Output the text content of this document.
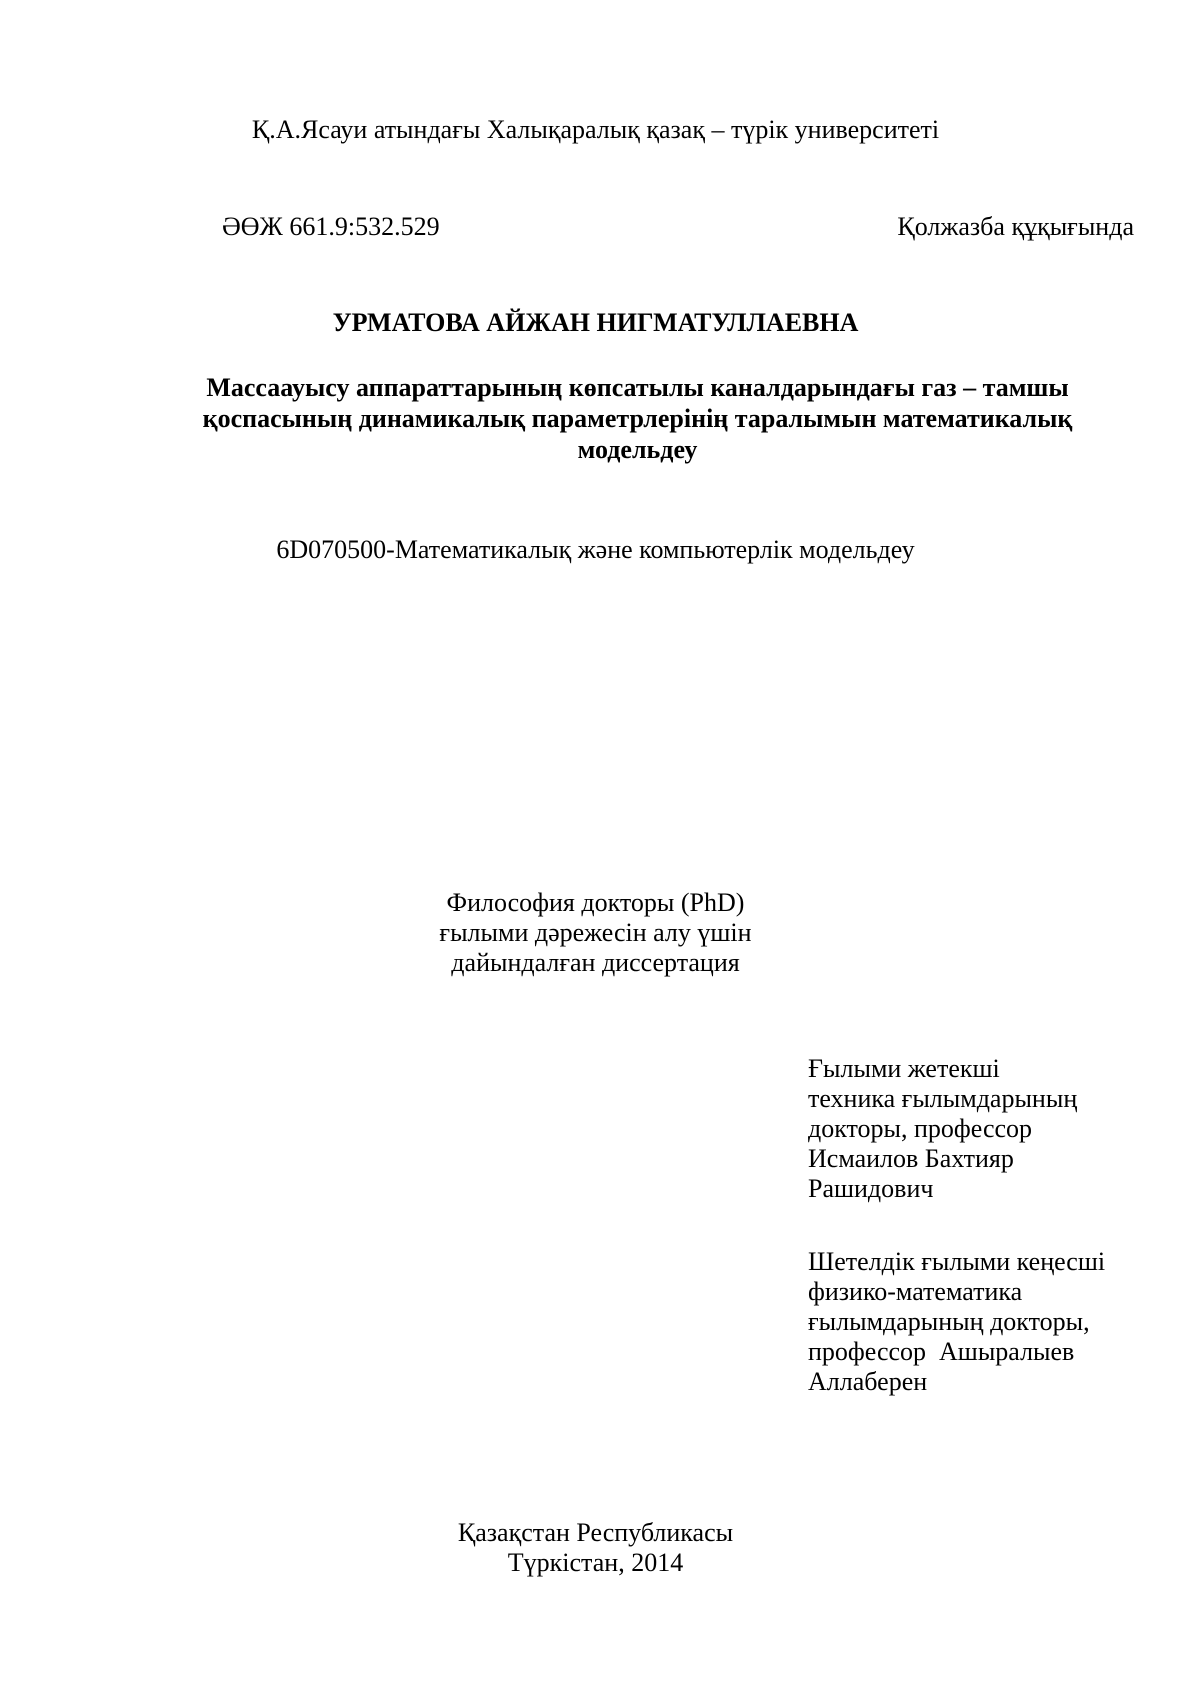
Қ.А.Ясауи атындағы Халықаралық қазақ – түрік университеті
ӘӨЖ 661.9:532.529	Қолжазба құқығында
УРМАТОВА АЙЖАН НИГМАТУЛЛАЕВНА
Массаауысу аппараттарының көпсатылы каналдарындағы газ – тамшы
қоспасының динамикалық параметрлерінің таралымын математикалық
модельдеу
6D070500-Математикалық және компьютерлік модельдеу
Философия докторы (PhD)
ғылыми дәрежесін алу үшін
дайындалған диссертация
Ғылыми жетекші
техника ғылымдарының
докторы, профессор
Исмаилов Бахтияр
Рашидович
Шетелдік ғылыми кеңесші
физико-математика
ғылымдарының докторы,
профессор  Ашыралыев
Аллаберен
Қазақстан Республикасы
Түркістан, 2014
